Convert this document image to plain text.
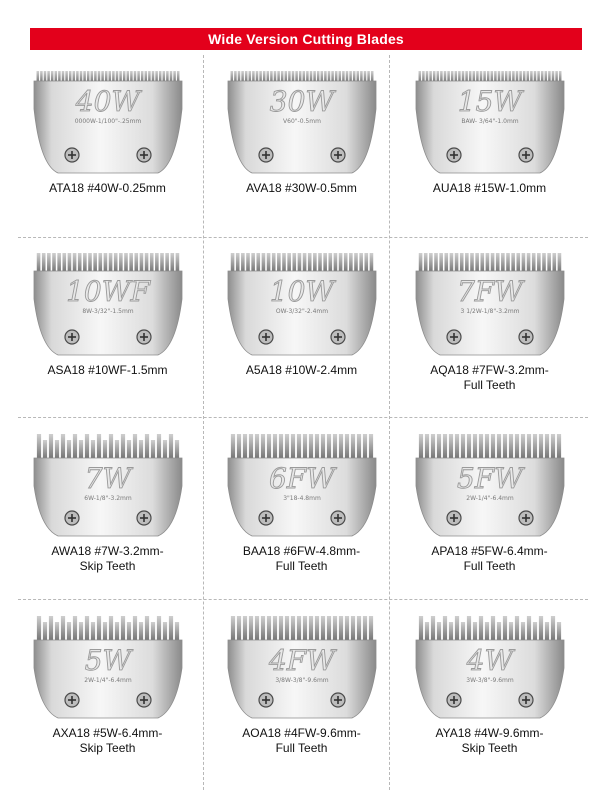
Wide Version Cutting Blades
40W
0000W-1/100"-.25mm
ATA18 #40W-0.25mm
30W
V60"-0.5mm
AVA18 #30W-0.5mm
15W
BAW- 3/64"-1.0mm
AUA18 #15W-1.0mm
10WF
8W-3/32"-1.5mm
ASA18 #10WF-1.5mm
10W
OW-3/32"-2.4mm
A5A18 #10W-2.4mm
7FW
3 1/2W-1/8"-3.2mm
AQA18 #7FW-3.2mm-
Full Teeth
7W
6W-1/8"-3.2mm
AWA18 #7W-3.2mm-
Skip Teeth
6FW
3"18-4.8mm
BAA18 #6FW-4.8mm-
Full Teeth
5FW
2W-1/4"-6.4mm
APA18 #5FW-6.4mm-
Full Teeth
5W
2W-1/4"-6.4mm
AXA18 #5W-6.4mm-
Skip Teeth
4FW
3/8W-3/8"-9.6mm
AOA18 #4FW-9.6mm-
Full Teeth
4W
3W-3/8"-9.6mm
AYA18 #4W-9.6mm-
Skip Teeth
